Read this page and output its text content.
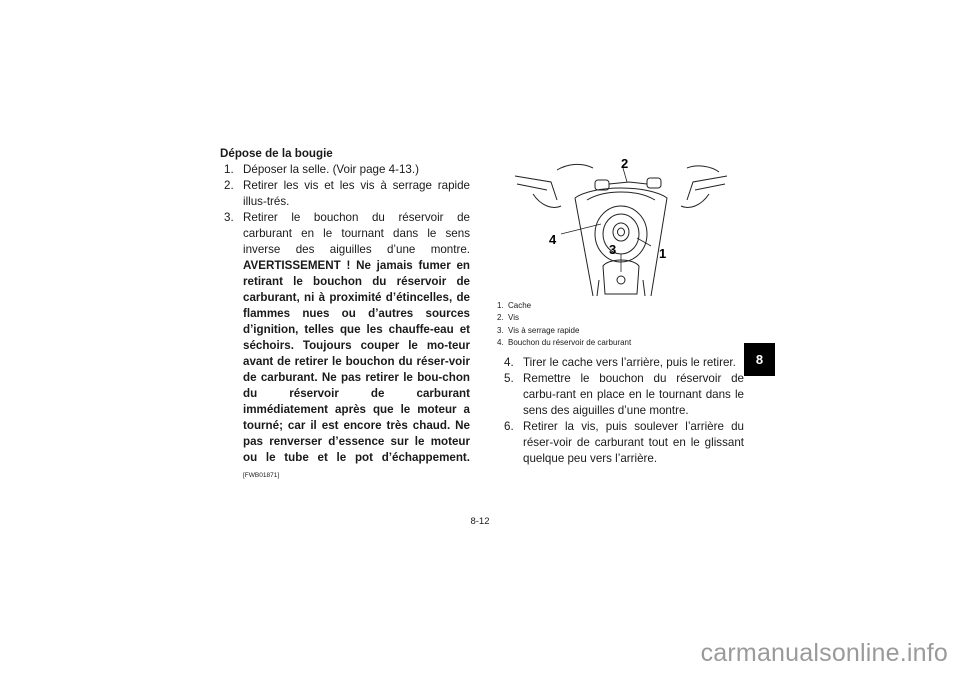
Dépose de la bougie
1. Déposer la selle. (Voir page 4-13.)
2. Retirer les vis et les vis à serrage rapide illus-trés.
3. Retirer le bouchon du réservoir de carburant en le tournant dans le sens inverse des aiguilles d’une montre. AVERTISSEMENT ! Ne jamais fumer en retirant le bouchon du réservoir de carburant, ni à proximité d’étincelles, de flammes nues ou d’autres sources d’ignition, telles que les chauffe-eau et séchoirs. Toujours couper le mo-teur avant de retirer le bouchon du réser-voir de carburant. Ne pas retirer le bou-chon du réservoir de carburant immédiatement après que le moteur a tourné; car il est encore très chaud. Ne pas renverser d’essence sur le moteur ou le tube et le pot d’échappement. [FWB01871]
2
4
3	1
1. Cache
2. Vis
3. Vis à serrage rapide
4. Bouchon du réservoir de carburant
4. Tirer le cache vers l’arrière, puis le retirer.
5. Remettre le bouchon du réservoir de carbu-rant en place en le tournant dans le sens des aiguilles d’une montre.
6. Retirer la vis, puis soulever l’arrière du réser-voir de carburant tout en le glissant quelque peu vers l’arrière.
8
8-12
carmanualsonline.info
